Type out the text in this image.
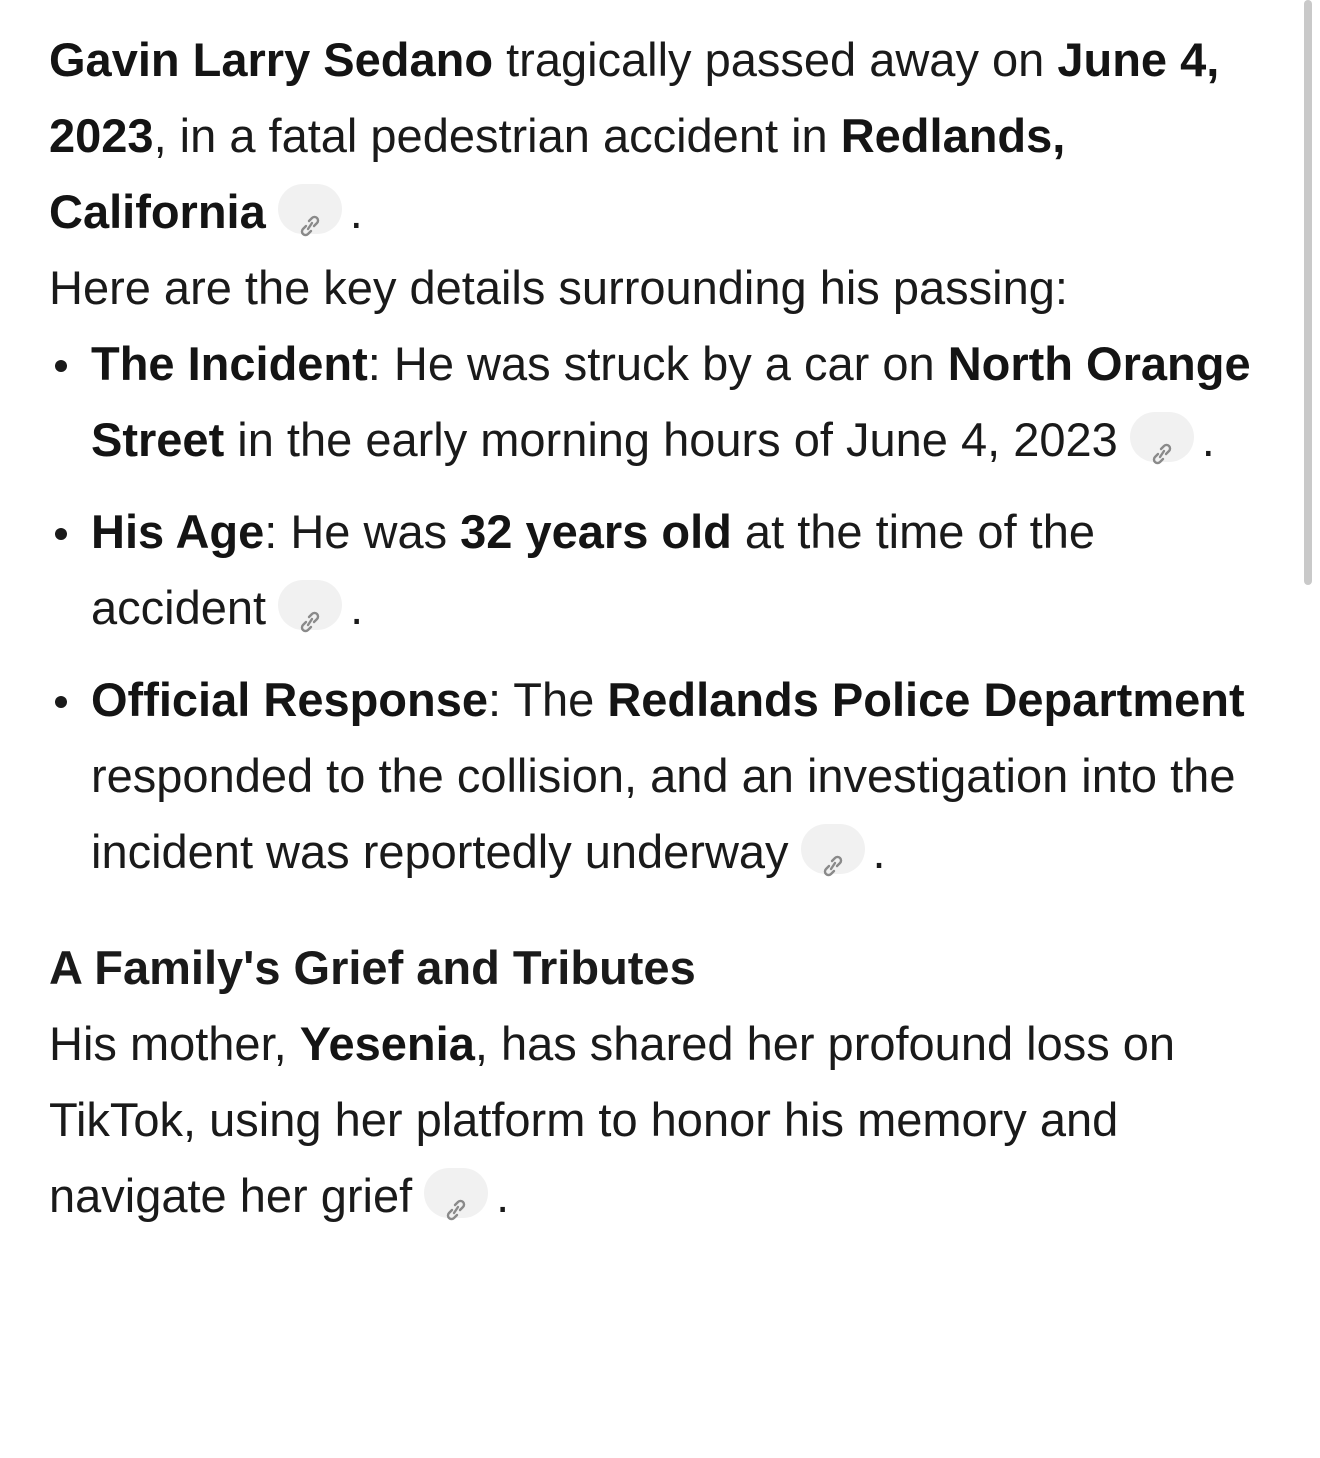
Gavin Larry Sedano tragically passed away on June 4, 2023, in a fatal pedestrian accident in Redlands, California .

Here are the key details surrounding his passing:

The Incident: He was struck by a car on North Orange Street in the early morning hours of June 4, 2023 .
His Age: He was 32 years old at the time of the accident .
Official Response: The Redlands Police Department responded to the collision, and an investigation into the incident was reportedly underway .
A Family's Grief and Tributes

His mother, Yesenia, has shared her profound loss on TikTok, using her platform to honor his memory and navigate her grief .
